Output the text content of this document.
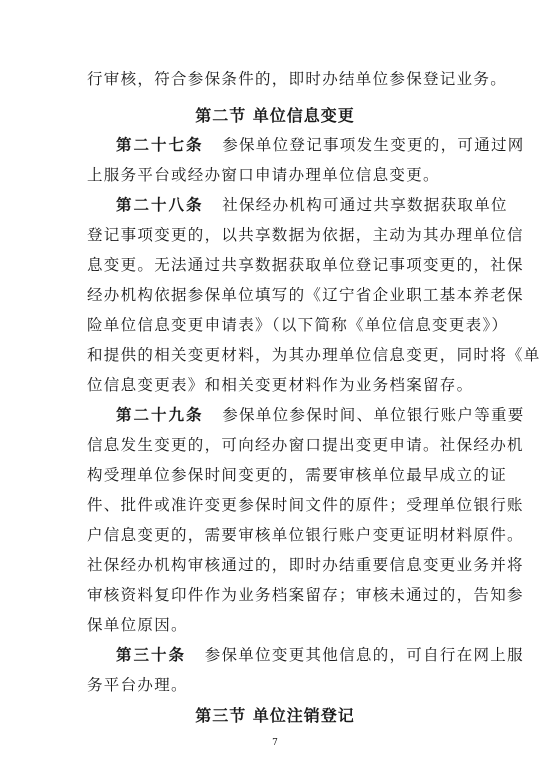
行审核，符合参保条件的，即时办结单位参保登记业务。
第二节 单位信息变更
第二十七条 参保单位登记事项发生变更的，可通过网
上服务平台或经办窗口申请办理单位信息变更。
第二十八条 社保经办机构可通过共享数据获取单位
登记事项变更的，以共享数据为依据，主动为其办理单位信
息变更。无法通过共享数据获取单位登记事项变更的，社保
经办机构依据参保单位填写的《辽宁省企业职工基本养老保
险单位信息变更申请表》（以下简称《单位信息变更表》）
和提供的相关变更材料，为其办理单位信息变更，同时将《单
位信息变更表》和相关变更材料作为业务档案留存。
第二十九条 参保单位参保时间、单位银行账户等重要
信息发生变更的，可向经办窗口提出变更申请。社保经办机
构受理单位参保时间变更的，需要审核单位最早成立的证
件、批件或准许变更参保时间文件的原件；受理单位银行账
户信息变更的，需要审核单位银行账户变更证明材料原件。
社保经办机构审核通过的，即时办结重要信息变更业务并将
审核资料复印件作为业务档案留存；审核未通过的，告知参
保单位原因。
第三十条 参保单位变更其他信息的，可自行在网上服
务平台办理。
第三节 单位注销登记
7
